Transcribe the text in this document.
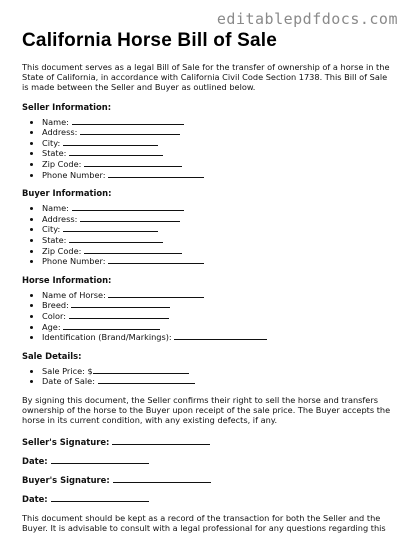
editablepdfdocs.com
California Horse Bill of Sale

This document serves as a legal Bill of Sale for the transfer of ownership of a horse in the State of California, in accordance with California Civil Code Section 1738. This Bill of Sale is made between the Seller and Buyer as outlined below.

Seller Information:
• Name:
• Address:
• City:
• State:
• Zip Code:
• Phone Number:
Buyer Information:
• Name:
• Address:
• City:
• State:
• Zip Code:
• Phone Number:
Horse Information:
• Name of Horse:
• Breed:
• Color:
• Age:
• Identification (Brand/Markings):
Sale Details:
• Sale Price: $
• Date of Sale:

By signing this document, the Seller confirms their right to sell the horse and transfers ownership of the horse to the Buyer upon receipt of the sale price. The Buyer accepts the horse in its current condition, with any existing defects, if any.

Seller's Signature:
Date:
Buyer's Signature:
Date:

This document should be kept as a record of the transaction for both the Seller and the Buyer. It is advisable to consult with a legal professional for any questions regarding this
